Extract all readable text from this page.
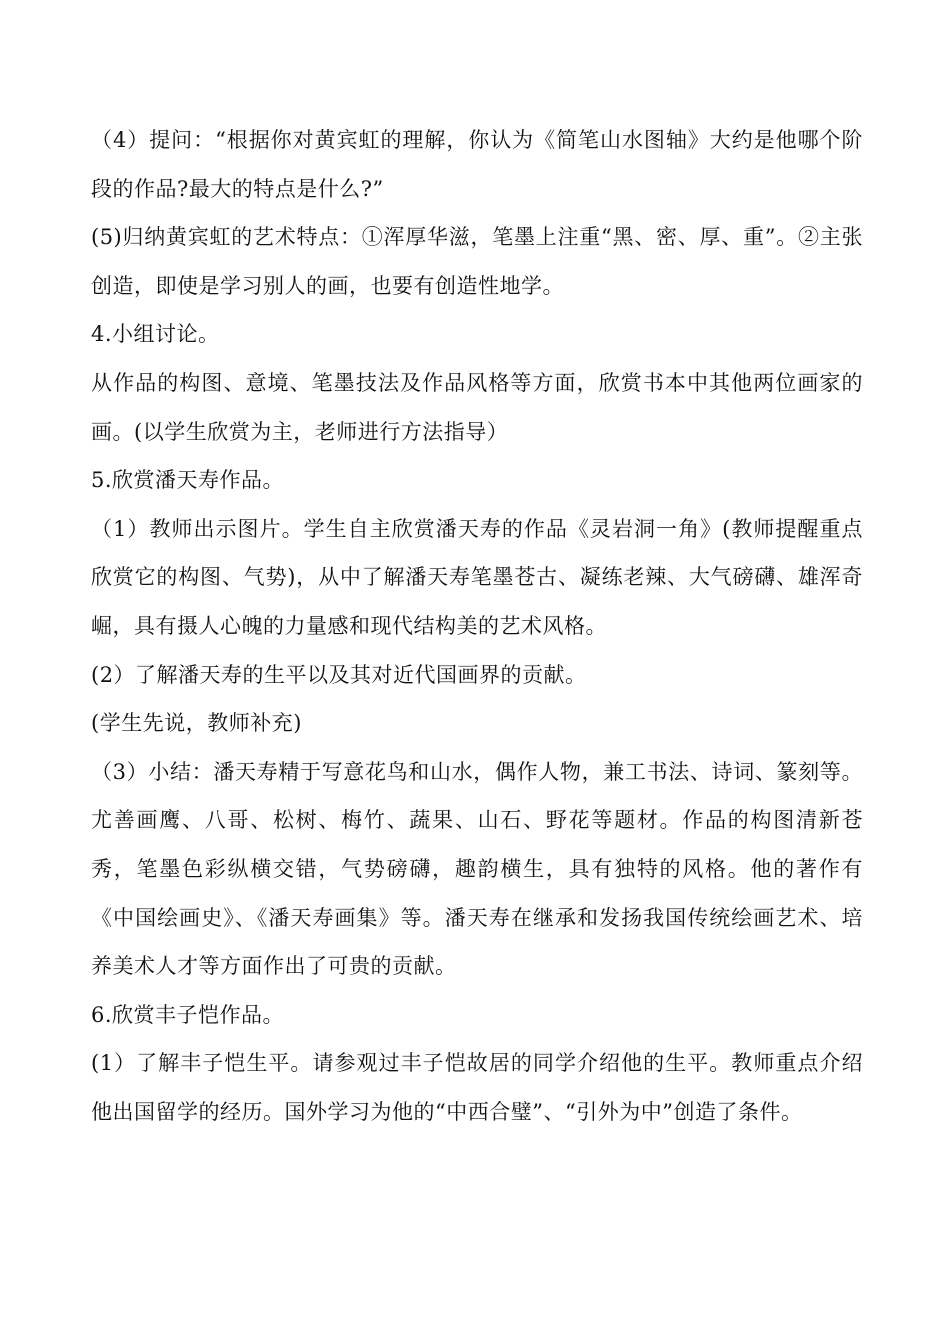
（4）提问：“根据你对黄宾虹的理解，你认为《简笔山水图轴》大约是他哪个阶段的作品?最大的特点是什么?”

(5)归纳黄宾虹的艺术特点：①浑厚华滋，笔墨上注重“黑、密、厚、重”。②主张创造，即使是学习别人的画，也要有创造性地学。

4.小组讨论。

从作品的构图、意境、笔墨技法及作品风格等方面，欣赏书本中其他两位画家的画。(以学生欣赏为主，老师进行方法指导）

5.欣赏潘天寿作品。

（1）教师出示图片。学生自主欣赏潘天寿的作品《灵岩洞一角》(教师提醒重点欣赏它的构图、气势)，从中了解潘天寿笔墨苍古、凝练老辣、大气磅礴、雄浑奇崛，具有摄人心魄的力量感和现代结构美的艺术风格。

(2）了解潘天寿的生平以及其对近代国画界的贡献。

(学生先说，教师补充)

（3）小结：潘天寿精于写意花鸟和山水，偶作人物，兼工书法、诗词、篆刻等。尤善画鹰、八哥、松树、梅竹、蔬果、山石、野花等题材。作品的构图清新苍秀，笔墨色彩纵横交错，气势磅礴，趣韵横生，具有独特的风格。他的著作有《中国绘画史》、《潘天寿画集》等。潘天寿在继承和发扬我国传统绘画艺术、培养美术人才等方面作出了可贵的贡献。

6.欣赏丰子恺作品。

(1）了解丰子恺生平。请参观过丰子恺故居的同学介绍他的生平。教师重点介绍他出国留学的经历。国外学习为他的“中西合璧”、“引外为中”创造了条件。
